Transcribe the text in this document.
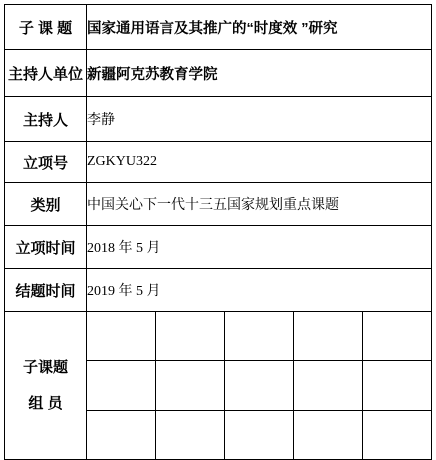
子 课 题	国家通用语言及其推广的“时度效 ”研究
主持人单位	新疆阿克苏教育学院
主持人	李静
立项号	ZGKYU322
类别	中国关心下一代十三五国家规划重点课题
立项时间	2018 年 5 月
结题时间	2019 年 5 月

子课题
组 员
